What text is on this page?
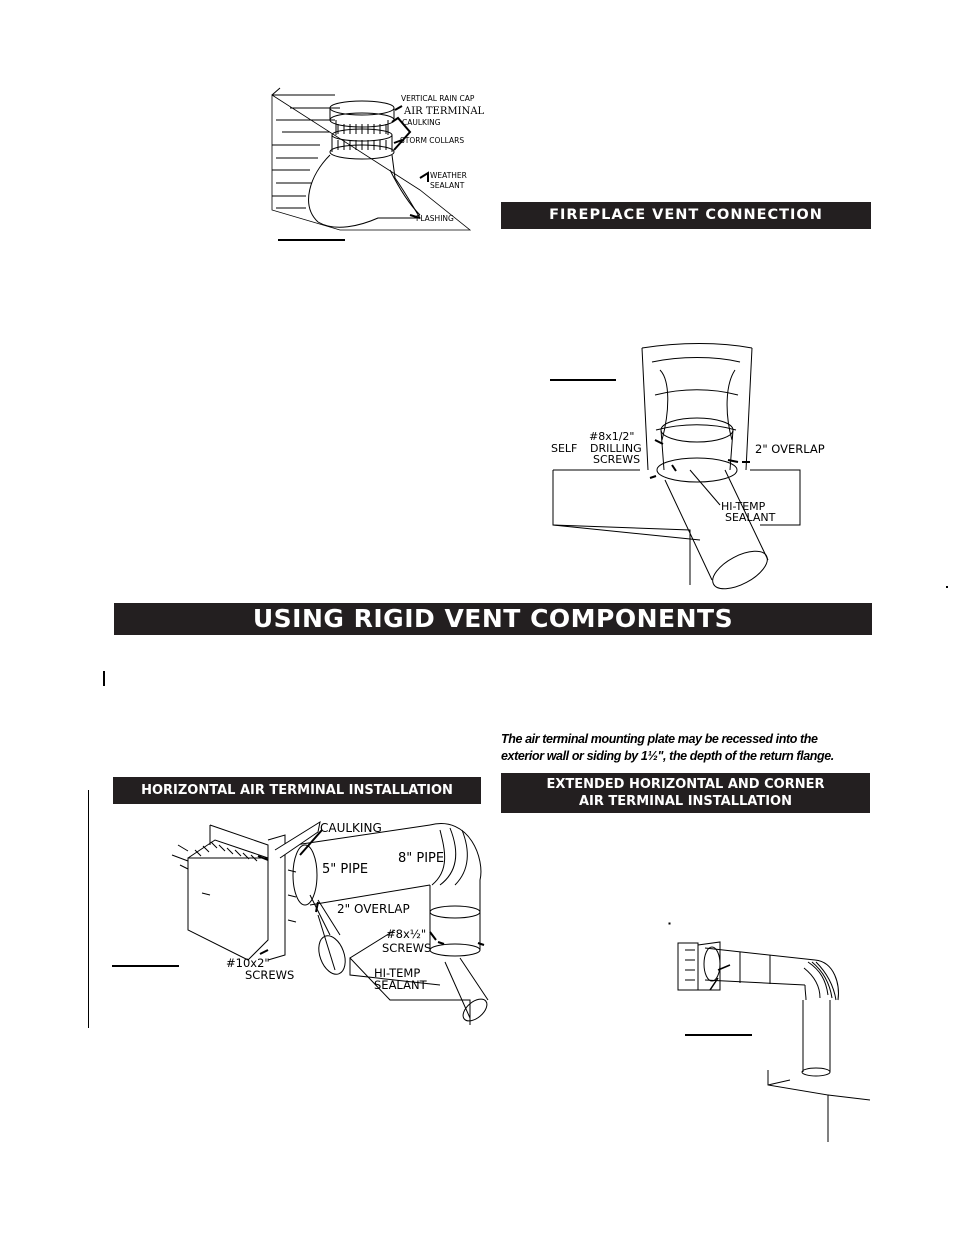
VERTICAL RAIN CAP
AIR TERMINAL
CAULKING
STORM COLLARS
WEATHER
SEALANT
FLASHING	FIREPLACE VENT CONNECTION
#8x1/2"
SELF DRILLING
SCREWS
2" OVERLAP
HI-TEMP
SEALANT
USING RIGID VENT COMPONENTS
The air terminal mounting plate may be recessed into the
exterior wall or siding by 1½", the depth of the return flange.
HORIZONTAL AIR TERMINAL INSTALLATION	EXTENDED HORIZONTAL AND CORNER
AIR TERMINAL INSTALLATION
CAULKING
5" PIPE
8" PIPE
2" OVERLAP
#8x½"
SCREWS
#10x2"
SCREWS	HI-TEMP
SEALANT
